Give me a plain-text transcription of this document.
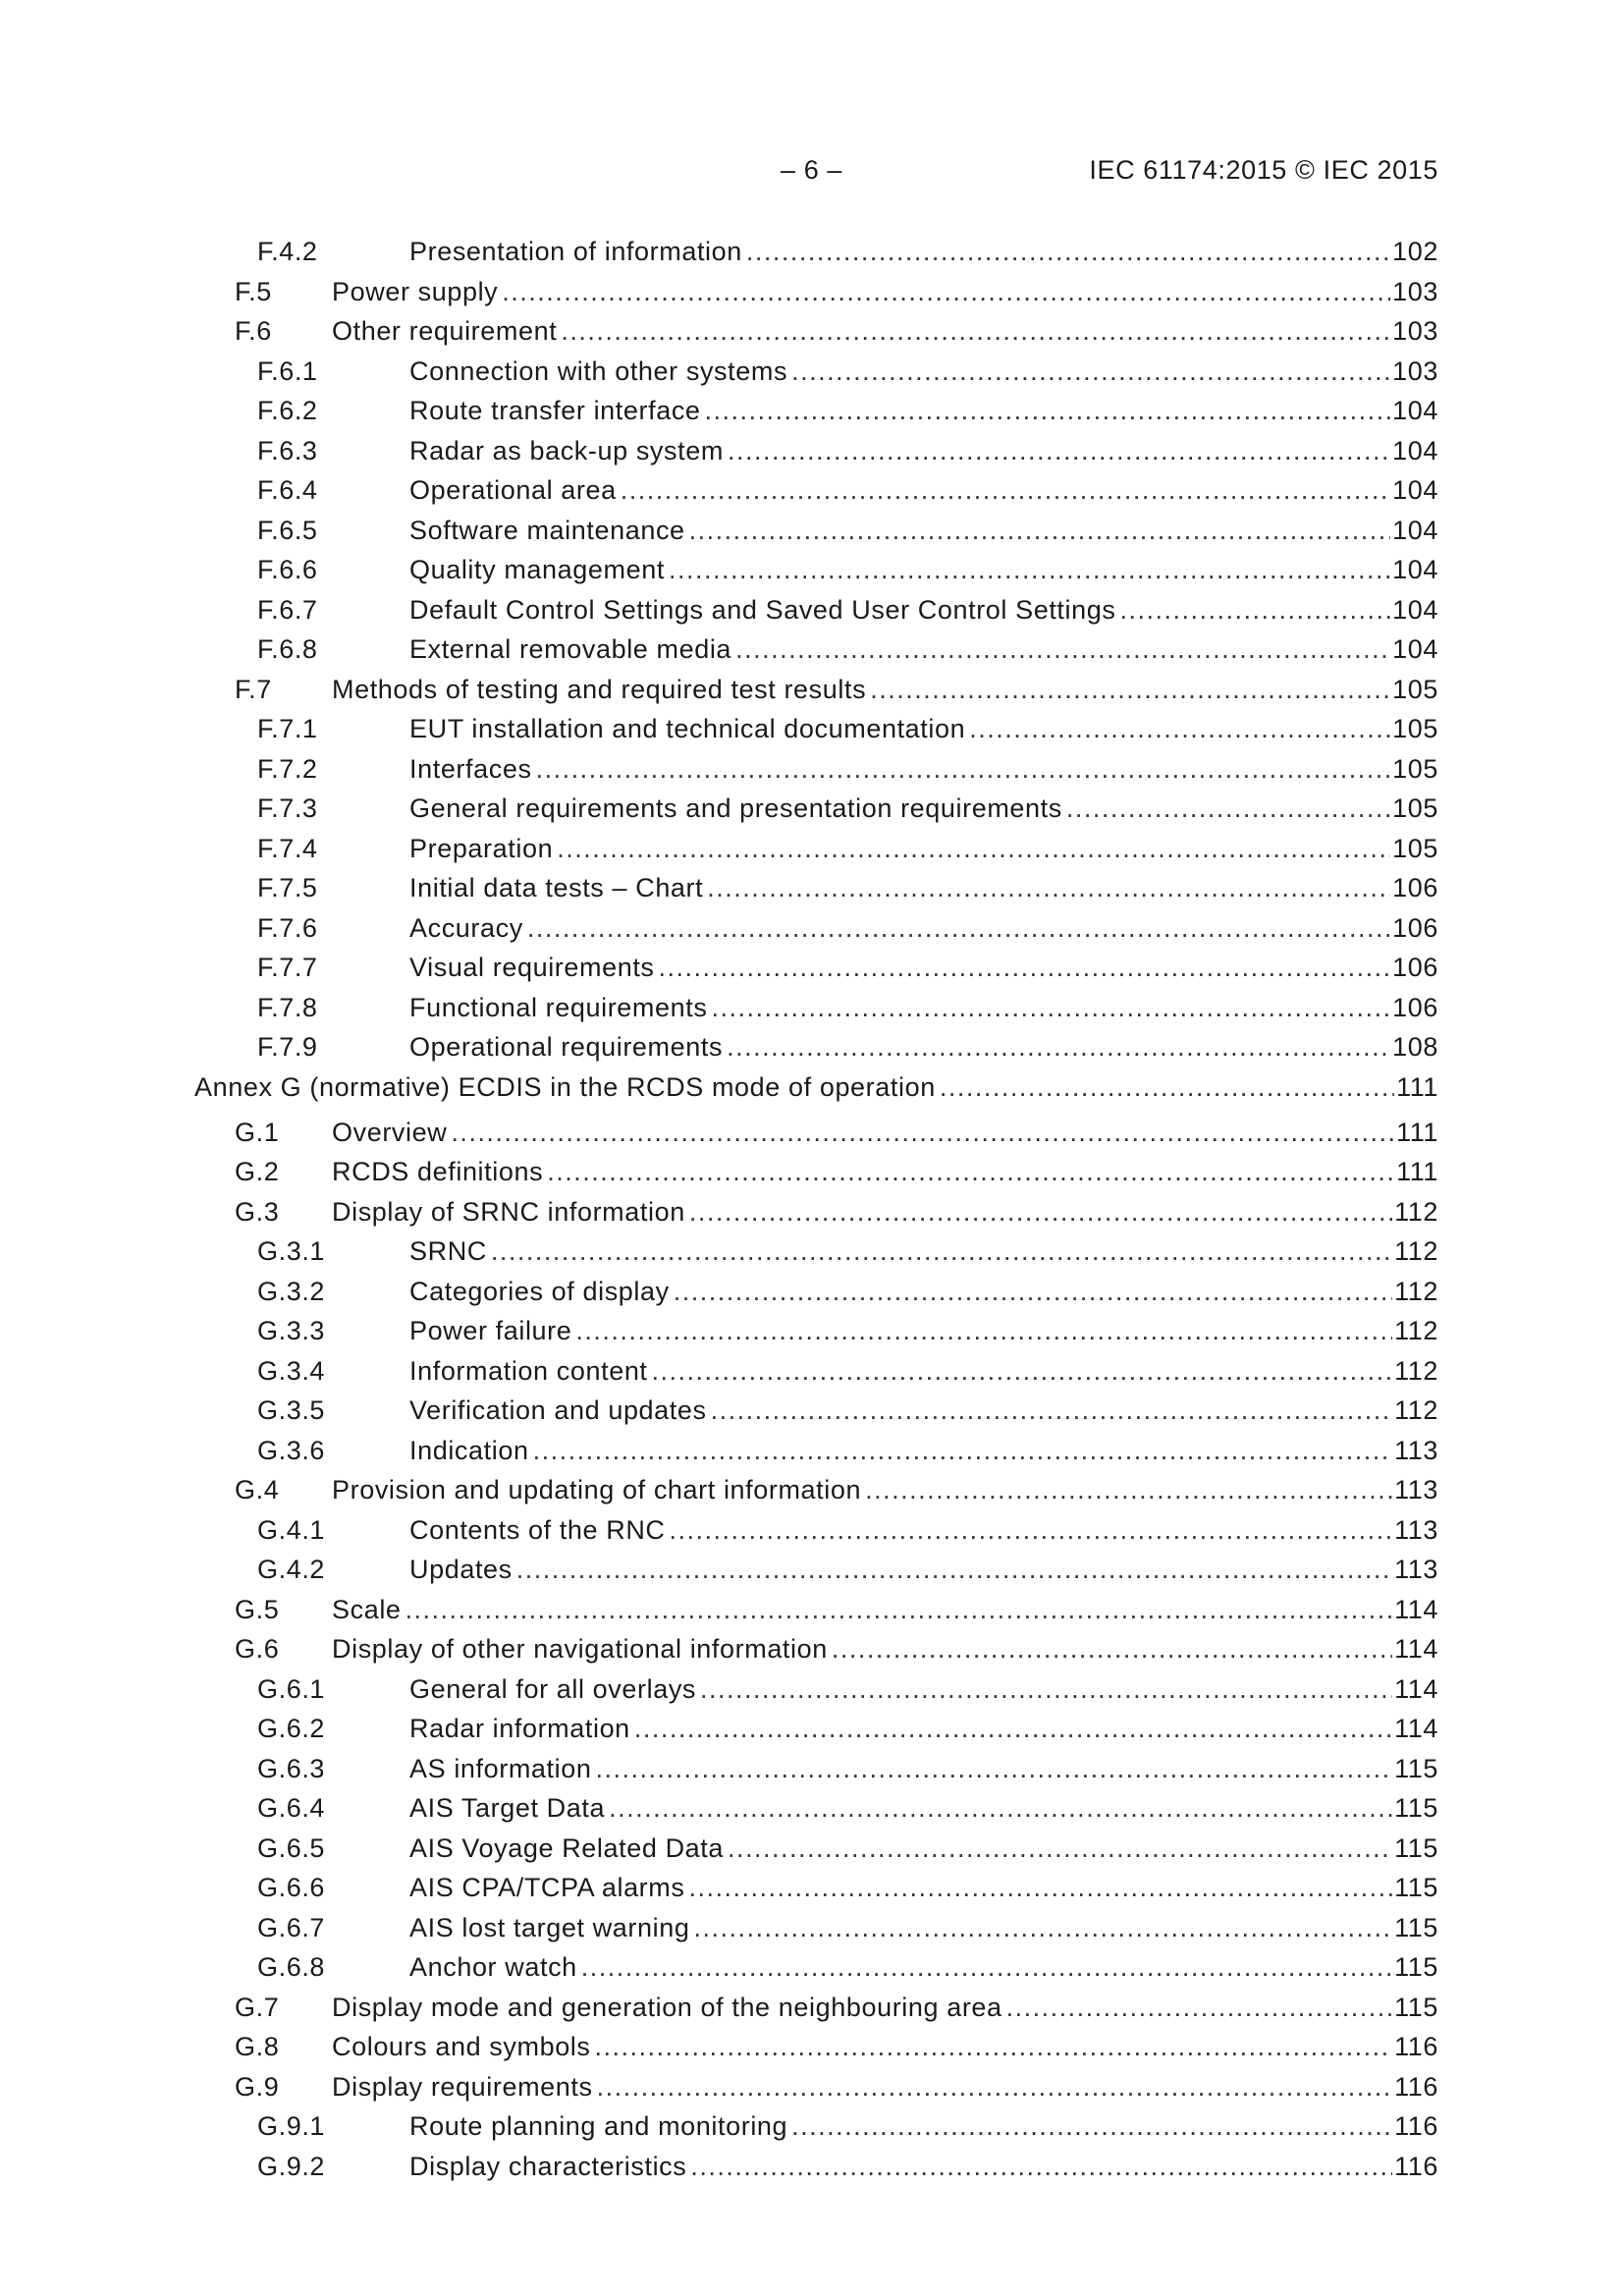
– 6 –	IEC 61174:2015 © IEC 2015
F.4.2	Presentation of information .....	102
F.5 Power supply .....	103
F.6 Other requirement .....	103
F.6.1	Connection with other systems .....	103
F.6.2	Route transfer interface .....	104
F.6.3	Radar as back-up system .....	104
F.6.4	Operational area .....	104
F.6.5	Software maintenance .....	104
F.6.6	Quality management .....	104
F.6.7	Default Control Settings and Saved User Control Settings .....	104
F.6.8	External removable media .....	104
F.7 Methods of testing and required test results .....	105
F.7.1	EUT installation and technical documentation .....	105
F.7.2	Interfaces .....	105
F.7.3	General requirements and presentation requirements .....	105
F.7.4	Preparation .....	105
F.7.5	Initial data tests – Chart .....	106
F.7.6	Accuracy .....	106
F.7.7	Visual requirements .....	106
F.7.8	Functional requirements .....	106
F.7.9	Operational requirements .....	108
Annex G (normative) ECDIS in the RCDS mode of operation .....	111
G.1 Overview .....	111
G.2 RCDS definitions .....	111
G.3 Display of SRNC information .....	112
G.3.1	SRNC .....	112
G.3.2	Categories of display .....	112
G.3.3	Power failure .....	112
G.3.4	Information content .....	112
G.3.5	Verification and updates .....	112
G.3.6	Indication .....	113
G.4 Provision and updating of chart information .....	113
G.4.1	Contents of the RNC .....	113
G.4.2	Updates .....	113
G.5 Scale .....	114
G.6 Display of other navigational information .....	114
G.6.1	General for all overlays .....	114
G.6.2	Radar information .....	114
G.6.3	AS information .....	115
G.6.4	AIS Target Data .....	115
G.6.5	AIS Voyage Related Data .....	115
G.6.6	AIS CPA/TCPA alarms .....	115
G.6.7	AIS lost target warning .....	115
G.6.8	Anchor watch .....	115
G.7 Display mode and generation of the neighbouring area .....	115
G.8 Colours and symbols .....	116
G.9 Display requirements .....	116
G.9.1	Route planning and monitoring .....	116
G.9.2	Display characteristics .....	116
